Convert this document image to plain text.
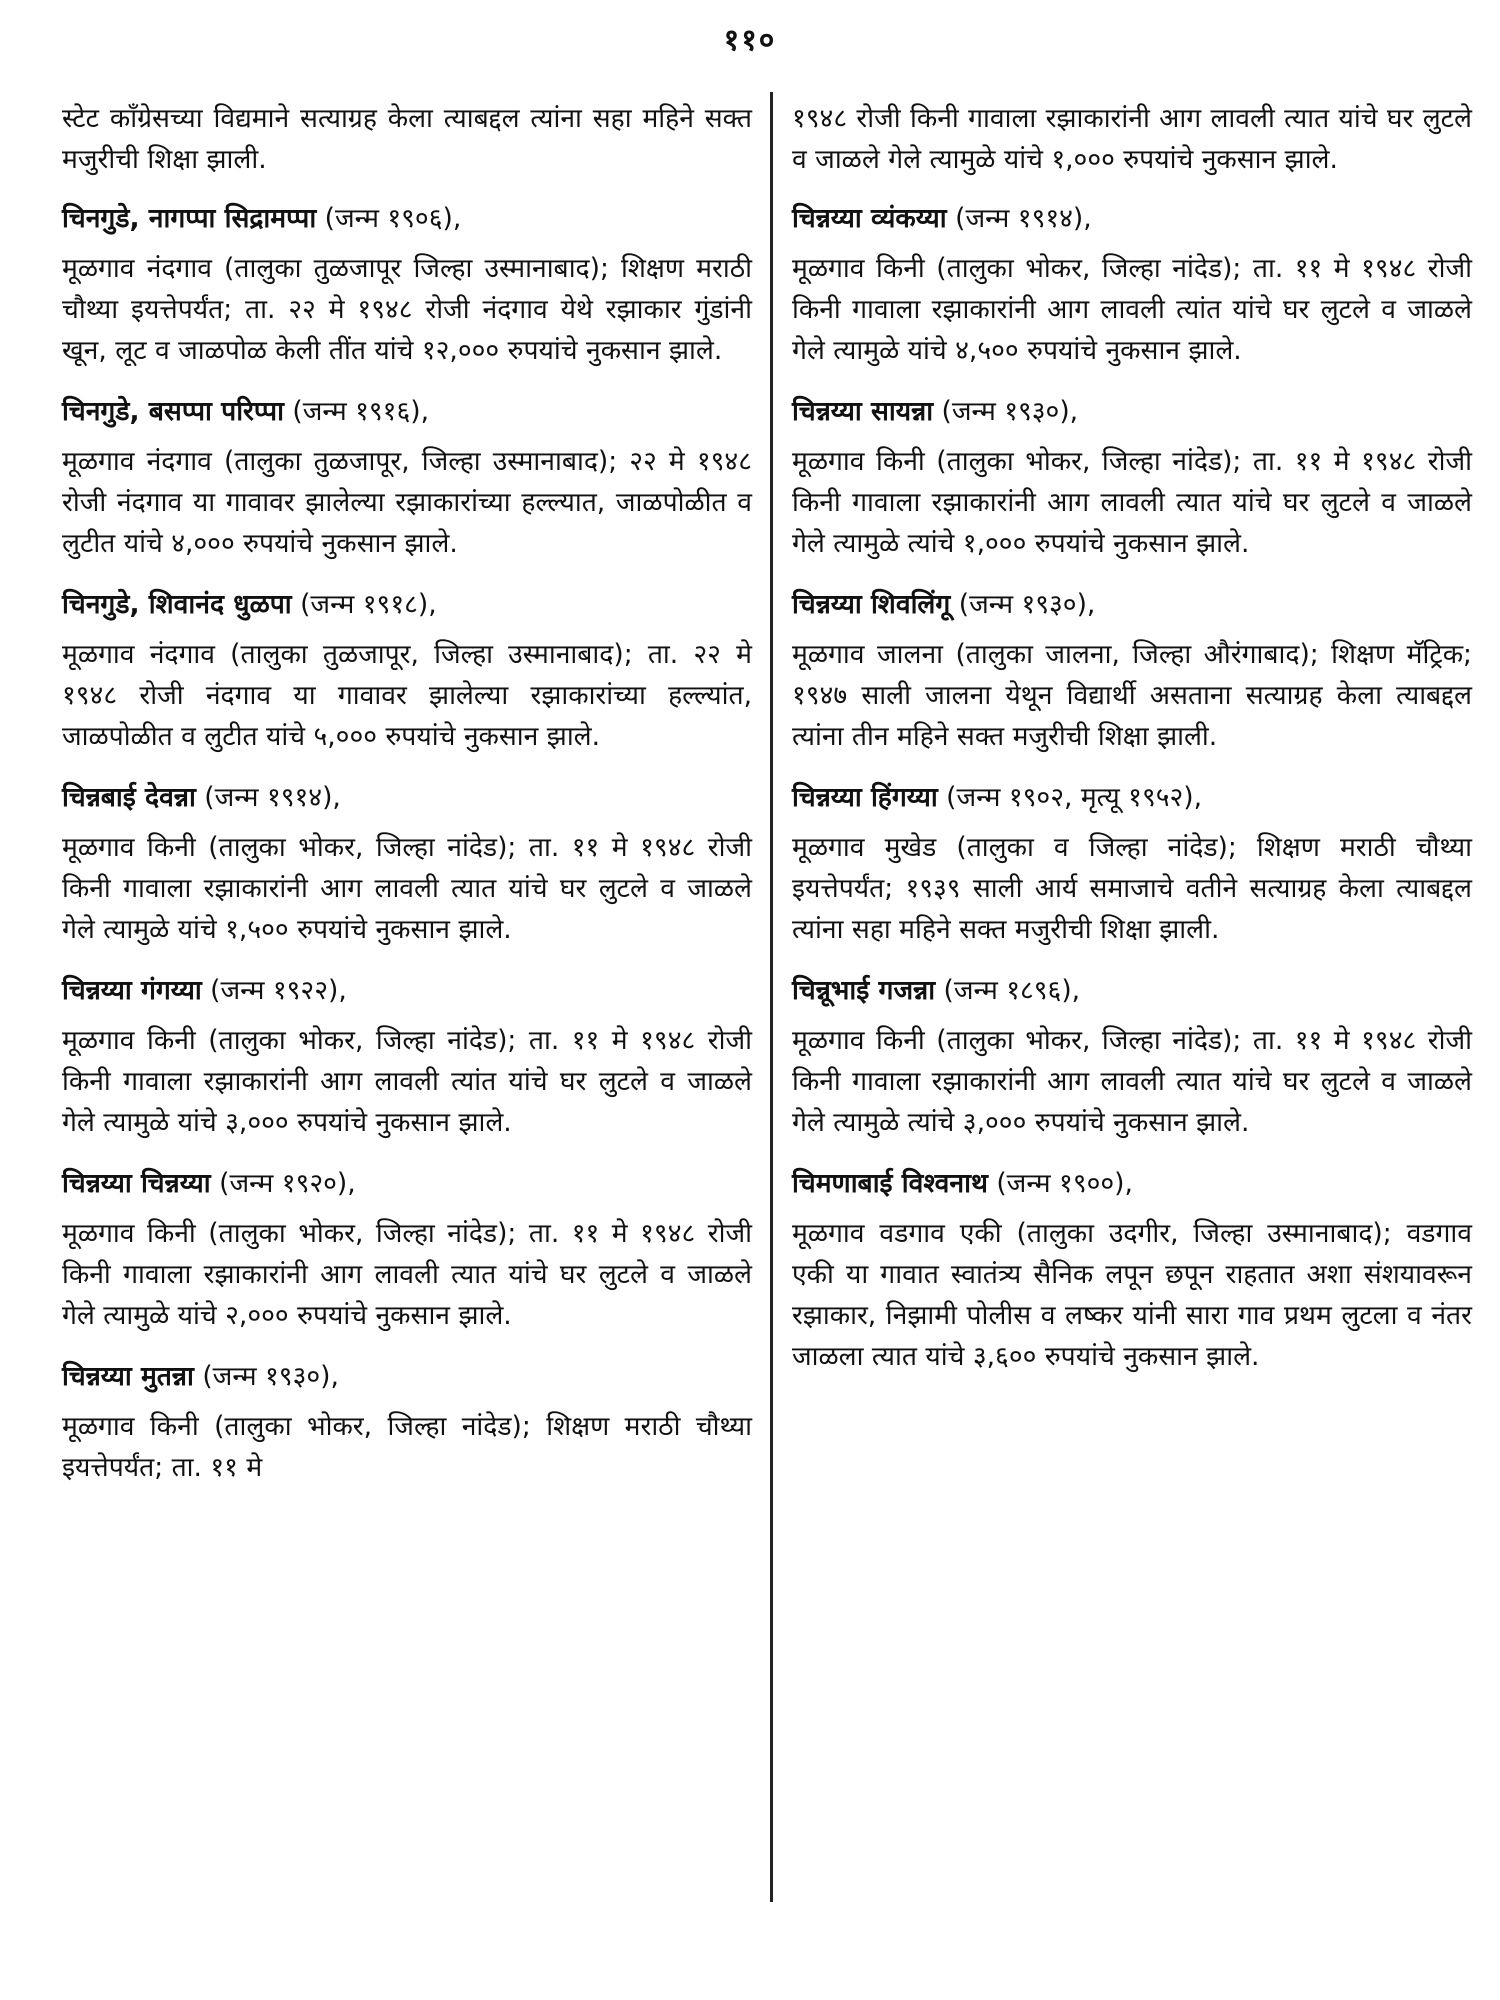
११०

स्टेट कॉंग्रेसच्या विद्यमाने सत्याग्रह केला त्याबद्दल त्यांना सहा महिने सक्त मजुरीची शिक्षा झाली.

चिनगुडे, नागप्पा सिद्रामप्पा (जन्म १९०६),

मूळगाव नंदगाव (तालुका तुळजापूर जिल्हा उस्मानाबाद); शिक्षण मराठी चौथ्या इयत्तेपर्यंत; ता. २२ मे १९४८ रोजी नंदगाव येथे रझाकार गुंडांनी खून, लूट व जाळपोळ केली तींत यांचे १२,००० रुपयांचे नुकसान झाले.

चिनगुडे, बसप्पा परिप्पा (जन्म १९१६),

मूळगाव नंदगाव (तालुका तुळजापूर, जिल्हा उस्मानाबाद); २२ मे १९४८ रोजी नंदगाव या गावावर झालेल्या रझाकारांच्या हल्ल्यात, जाळपोळीत व लुटीत यांचे ४,००० रुपयांचे नुकसान झाले.

चिनगुडे, शिवानंद धुळपा (जन्म १९१८),

मूळगाव नंदगाव (तालुका तुळजापूर, जिल्हा उस्मानाबाद); ता. २२ मे १९४८ रोजी नंदगाव या गावावर झालेल्या रझाकारांच्या हल्ल्यांत, जाळपोळीत व लुटीत यांचे ५,००० रुपयांचे नुकसान झाले.

चिन्नबाई देवन्ना (जन्म १९१४),

मूळगाव किनी (तालुका भोकर, जिल्हा नांदेड); ता. ११ मे १९४८ रोजी किनी गावाला रझाकारांनी आग लावली त्यात यांचे घर लुटले व जाळले गेले त्यामुळे यांचे १,५०० रुपयांचे नुकसान झाले.

चिन्नय्या गंगय्या (जन्म १९२२),

मूळगाव किनी (तालुका भोकर, जिल्हा नांदेड); ता. ११ मे १९४८ रोजी किनी गावाला रझाकारांनी आग लावली त्यांत यांचे घर लुटले व जाळले गेले त्यामुळे यांचे ३,००० रुपयांचे नुकसान झाले.

चिन्नय्या चिन्नय्या (जन्म १९२०),

मूळगाव किनी (तालुका भोकर, जिल्हा नांदेड); ता. ११ मे १९४८ रोजी किनी गावाला रझाकारांनी आग लावली त्यात यांचे घर लुटले व जाळले गेले त्यामुळे यांचे २,००० रुपयांचे नुकसान झाले.

चिन्नय्या मुतन्ना (जन्म १९३०),

मूळगाव किनी (तालुका भोकर, जिल्हा नांदेड); शिक्षण मराठी चौथ्या इयत्तेपर्यंत; ता. ११ मे

१९४८ रोजी किनी गावाला रझाकारांनी आग लावली त्यात यांचे घर लुटले व जाळले गेले त्यामुळे यांचे १,००० रुपयांचे नुकसान झाले.

चिन्नय्या व्यंकय्या (जन्म १९१४),

मूळगाव किनी (तालुका भोकर, जिल्हा नांदेड); ता. ११ मे १९४८ रोजी किनी गावाला रझाकारांनी आग लावली त्यांत यांचे घर लुटले व जाळले गेले त्यामुळे यांचे ४,५०० रुपयांचे नुकसान झाले.

चिन्नय्या सायन्ना (जन्म १९३०),

मूळगाव किनी (तालुका भोकर, जिल्हा नांदेड); ता. ११ मे १९४८ रोजी किनी गावाला रझाकारांनी आग लावली त्यात यांचे घर लुटले व जाळले गेले त्यामुळे त्यांचे १,००० रुपयांचे नुकसान झाले.

चिन्नय्या शिवलिंगू (जन्म १९३०),

मूळगाव जालना (तालुका जालना, जिल्हा औरंगाबाद); शिक्षण मॅट्रिक; १९४७ साली जालना येथून विद्यार्थी असताना सत्याग्रह केला त्याबद्दल त्यांना तीन महिने सक्त मजुरीची शिक्षा झाली.

चिन्नय्या हिंगय्या (जन्म १९०२, मृत्यू १९५२),

मूळगाव मुखेड (तालुका व जिल्हा नांदेड); शिक्षण मराठी चौथ्या इयत्तेपर्यंत; १९३९ साली आर्य समाजाचे वतीने सत्याग्रह केला त्याबद्दल त्यांना सहा महिने सक्त मजुरीची शिक्षा झाली.

चिन्नूभाई गजन्ना (जन्म १८९६),

मूळगाव किनी (तालुका भोकर, जिल्हा नांदेड); ता. ११ मे १९४८ रोजी किनी गावाला रझाकारांनी आग लावली त्यात यांचे घर लुटले व जाळले गेले त्यामुळे त्यांचे ३,००० रुपयांचे नुकसान झाले.

चिमणाबाई विश्वनाथ (जन्म १९००),

मूळगाव वडगाव एकी (तालुका उदगीर, जिल्हा उस्मानाबाद); वडगाव एकी या गावात स्वातंत्र्य सैनिक लपून छपून राहतात अशा संशयावरून रझाकार, निझामी पोलीस व लष्कर यांनी सारा गाव प्रथम लुटला व नंतर जाळला त्यात यांचे ३,६०० रुपयांचे नुकसान झाले.
